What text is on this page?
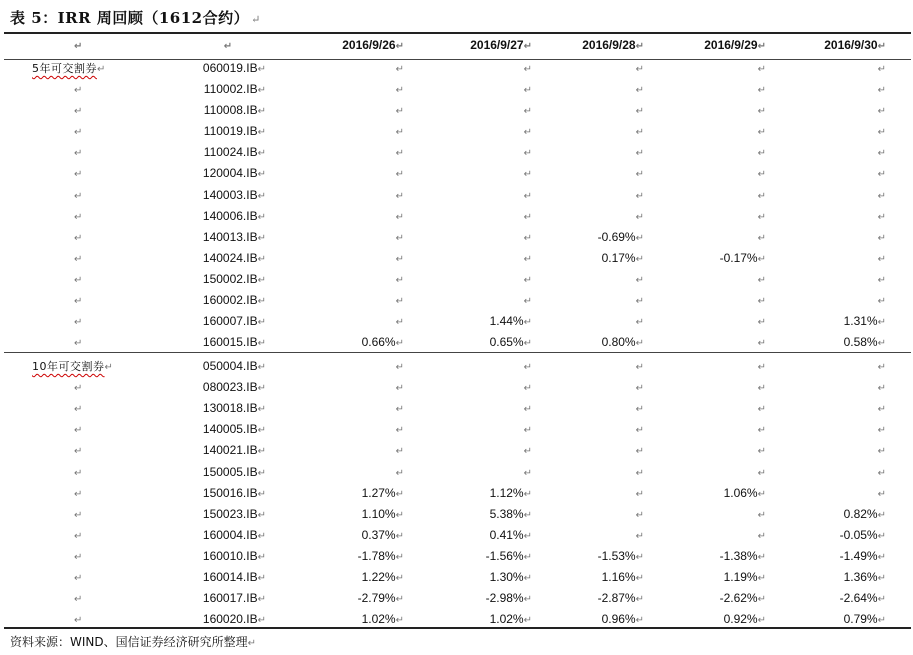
表 5：IRR 周回顾（1612合约） ↵
↵	↵	2016/9/26↵	2016/9/27↵	2016/9/28↵	2016/9/29↵	2016/9/30↵
5年可交割券↵	060019.IB↵	↵	↵	↵	↵	↵
↵	110002.IB↵	↵	↵	↵	↵	↵
↵	110008.IB↵	↵	↵	↵	↵	↵
↵	110019.IB↵	↵	↵	↵	↵	↵
↵	110024.IB↵	↵	↵	↵	↵	↵
↵	120004.IB↵	↵	↵	↵	↵	↵
↵	140003.IB↵	↵	↵	↵	↵	↵
↵	140006.IB↵	↵	↵	↵	↵	↵
↵	140013.IB↵	↵	↵	-0.69%↵	↵	↵
↵	140024.IB↵	↵	↵	0.17%↵	-0.17%↵	↵
↵	150002.IB↵	↵	↵	↵	↵	↵
↵	160002.IB↵	↵	↵	↵	↵	↵
↵	160007.IB↵	↵	1.44%↵	↵	↵	1.31%↵
↵	160015.IB↵	0.66%↵	0.65%↵	0.80%↵	↵	0.58%↵
10年可交割券↵	050004.IB↵	↵	↵	↵	↵	↵
↵	080023.IB↵	↵	↵	↵	↵	↵
↵	130018.IB↵	↵	↵	↵	↵	↵
↵	140005.IB↵	↵	↵	↵	↵	↵
↵	140021.IB↵	↵	↵	↵	↵	↵
↵	150005.IB↵	↵	↵	↵	↵	↵
↵	150016.IB↵	1.27%↵	1.12%↵	↵	1.06%↵	↵
↵	150023.IB↵	1.10%↵	5.38%↵	↵	↵	0.82%↵
↵	160004.IB↵	0.37%↵	0.41%↵	↵	↵	-0.05%↵
↵	160010.IB↵	-1.78%↵	-1.56%↵	-1.53%↵	-1.38%↵	-1.49%↵
↵	160014.IB↵	1.22%↵	1.30%↵	1.16%↵	1.19%↵	1.36%↵
↵	160017.IB↵	-2.79%↵	-2.98%↵	-2.87%↵	-2.62%↵	-2.64%↵
↵	160020.IB↵	1.02%↵	1.02%↵	0.96%↵	0.92%↵	0.79%↵
资料来源：WIND、国信证券经济研究所整理↵
